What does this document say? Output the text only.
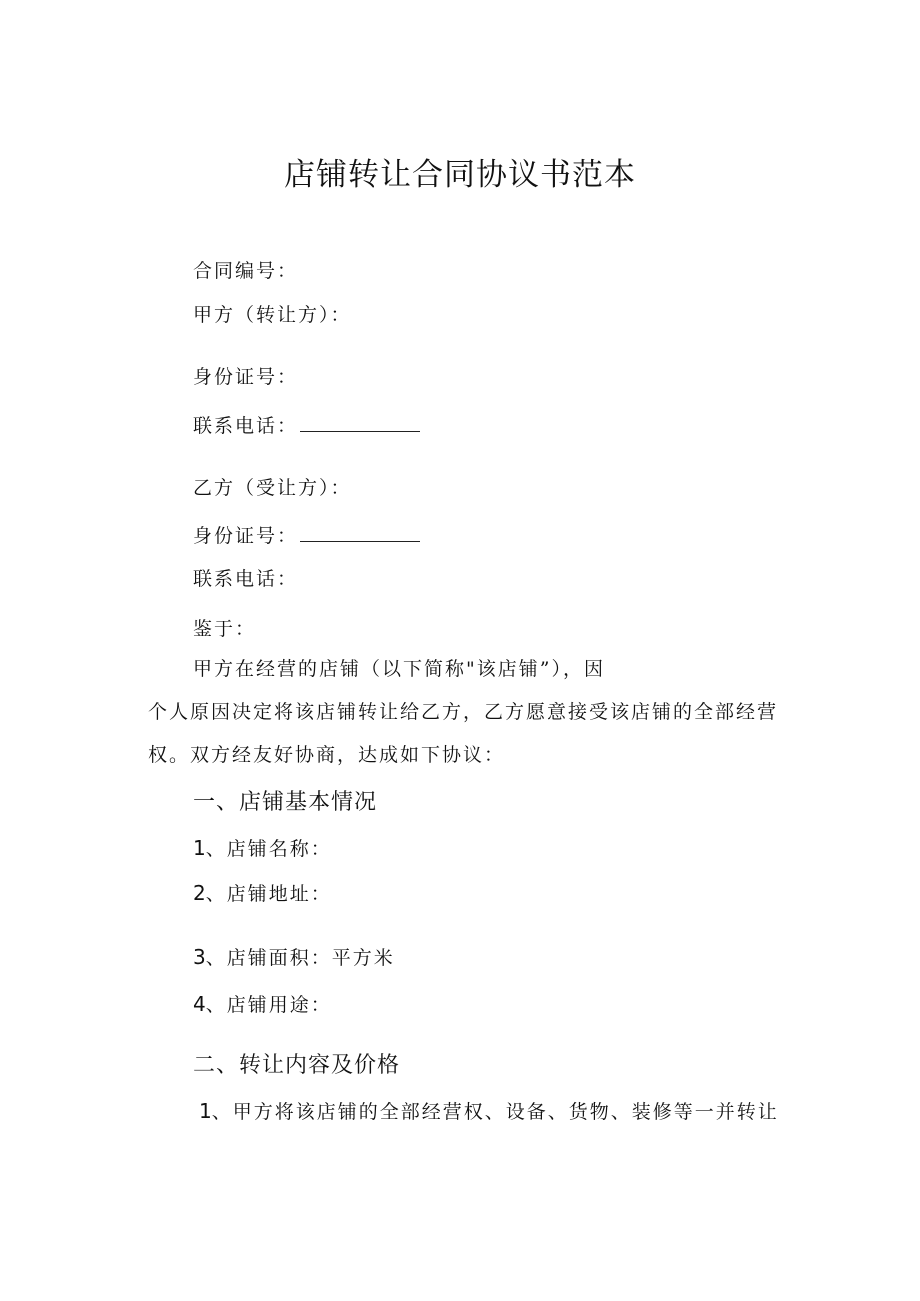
店铺转让合同协议书范本
合同编号：
甲方（转让方）：
身份证号：
联系电话：
乙方（受让方）：
身份证号：
联系电话：
鉴于：
甲方在经营的店铺（以下简称"该店铺”），因
个人原因决定将该店铺转让给乙方，乙方愿意接受该店铺的全部经营
权。双方经友好协商，达成如下协议：
一、店铺基本情况
1、店铺名称：
2、店铺地址：
3、店铺面积：平方米
4、店铺用途：
二、转让内容及价格
1、甲方将该店铺的全部经营权、设备、货物、装修等一并转让
